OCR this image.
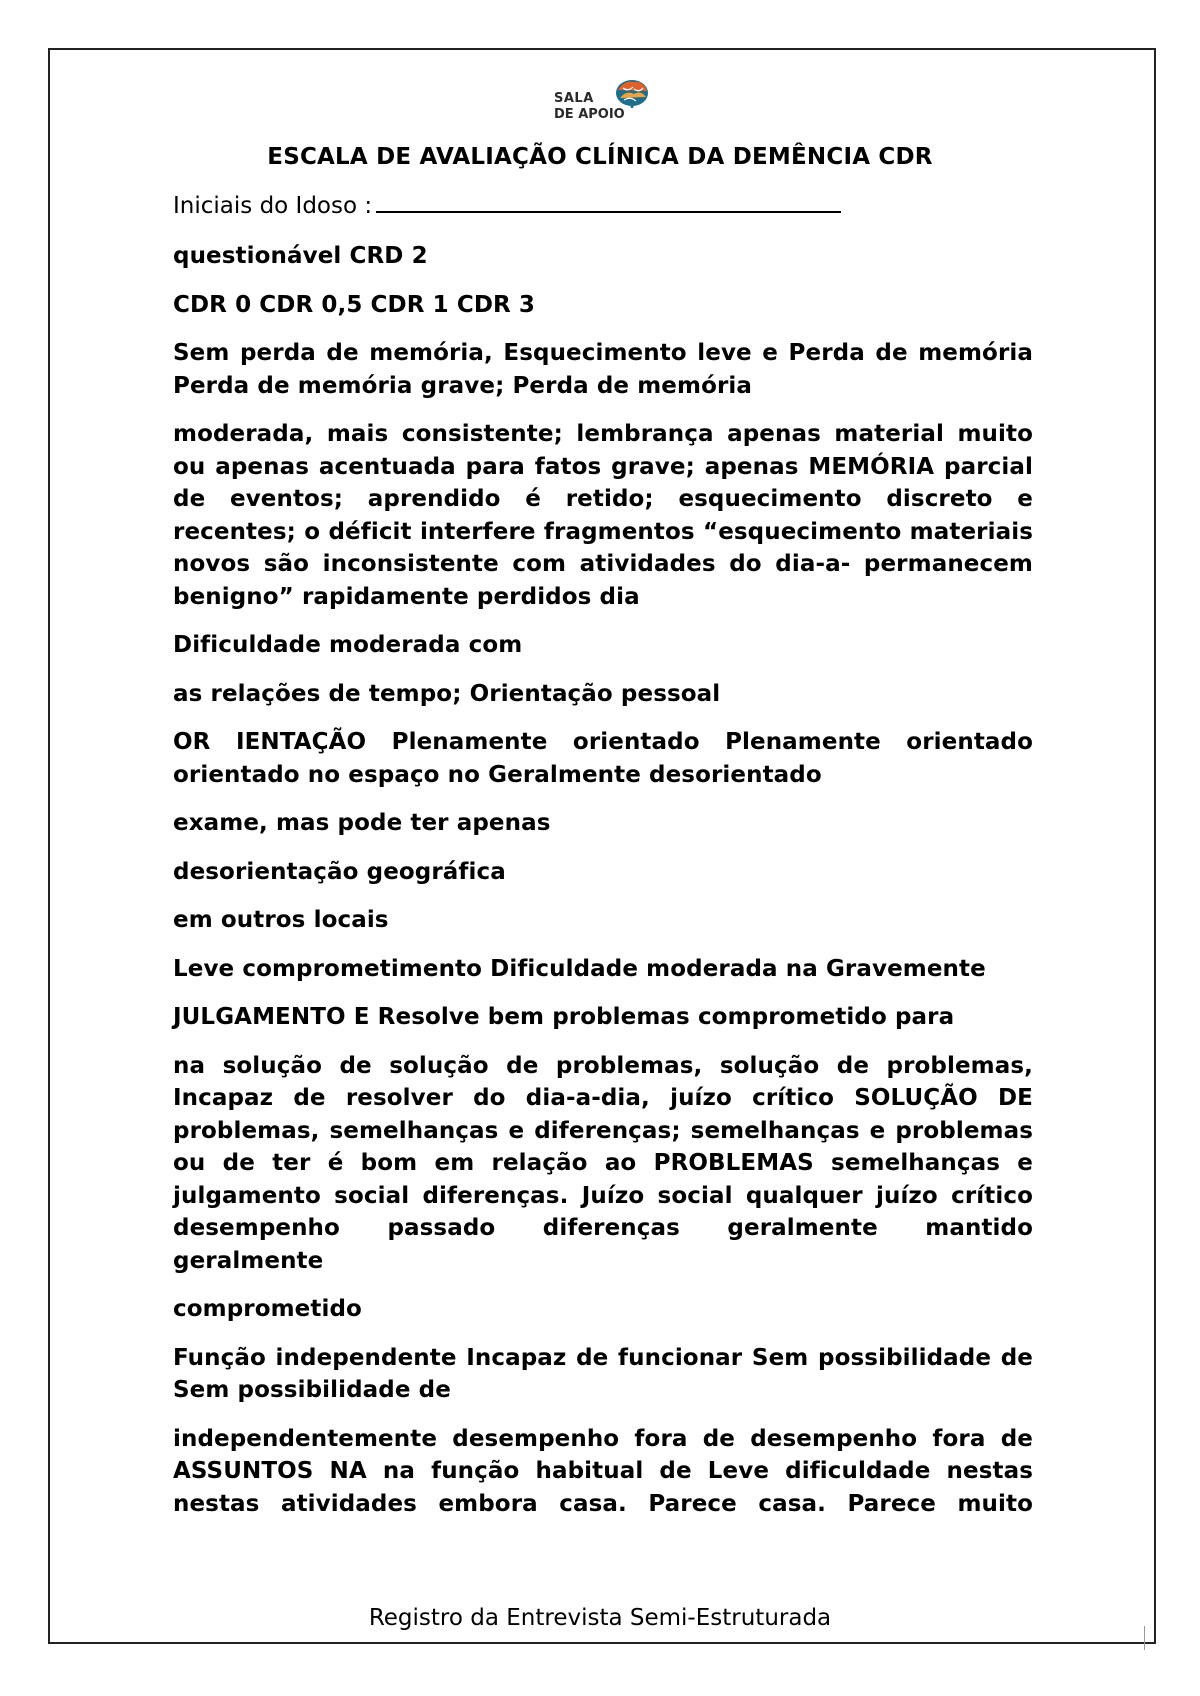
SALA
DE APOIO
ESCALA DE AVALIAÇÃO CLÍNICA DA DEMÊNCIA CDR
Iniciais do Idoso :

questionável CRD 2

CDR 0 CDR 0,5 CDR 1 CDR 3

Sem perda de memória, Esquecimento leve e Perda de memória Perda de memória grave; Perda de memória

moderada, mais consistente; lembrança apenas material muito ou apenas acentuada para fatos grave; apenas MEMÓRIA parcial de eventos; aprendido é retido; esquecimento discreto e recentes; o déficit interfere fragmentos “esquecimento materiais novos são inconsistente com atividades do dia-a- permanecem benigno” rapidamente perdidos dia

Dificuldade moderada com

as relações de tempo; Orientação pessoal

OR IENTAÇÃO Plenamente orientado Plenamente orientado orientado no espaço no Geralmente desorientado

exame, mas pode ter apenas

desorientação geográfica

em outros locais

Leve comprometimento Dificuldade moderada na Gravemente

JULGAMENTO E Resolve bem problemas comprometido para

na solução de solução de problemas, solução de problemas, Incapaz de resolver do dia-a-dia, juízo crítico SOLUÇÃO DE problemas, semelhanças e diferenças; semelhanças e problemas ou de ter é bom em relação ao PROBLEMAS semelhanças e julgamento social diferenças. Juízo social qualquer juízo crítico desempenho passado diferenças geralmente mantido geralmente

comprometido

Função independente Incapaz de funcionar Sem possibilidade de Sem possibilidade de

independentemente desempenho fora de desempenho fora de ASSUNTOS NA na função habitual de Leve dificuldade nestas nestas atividades embora casa. Parece casa. Parece muito

Registro da Entrevista Semi-Estruturada
